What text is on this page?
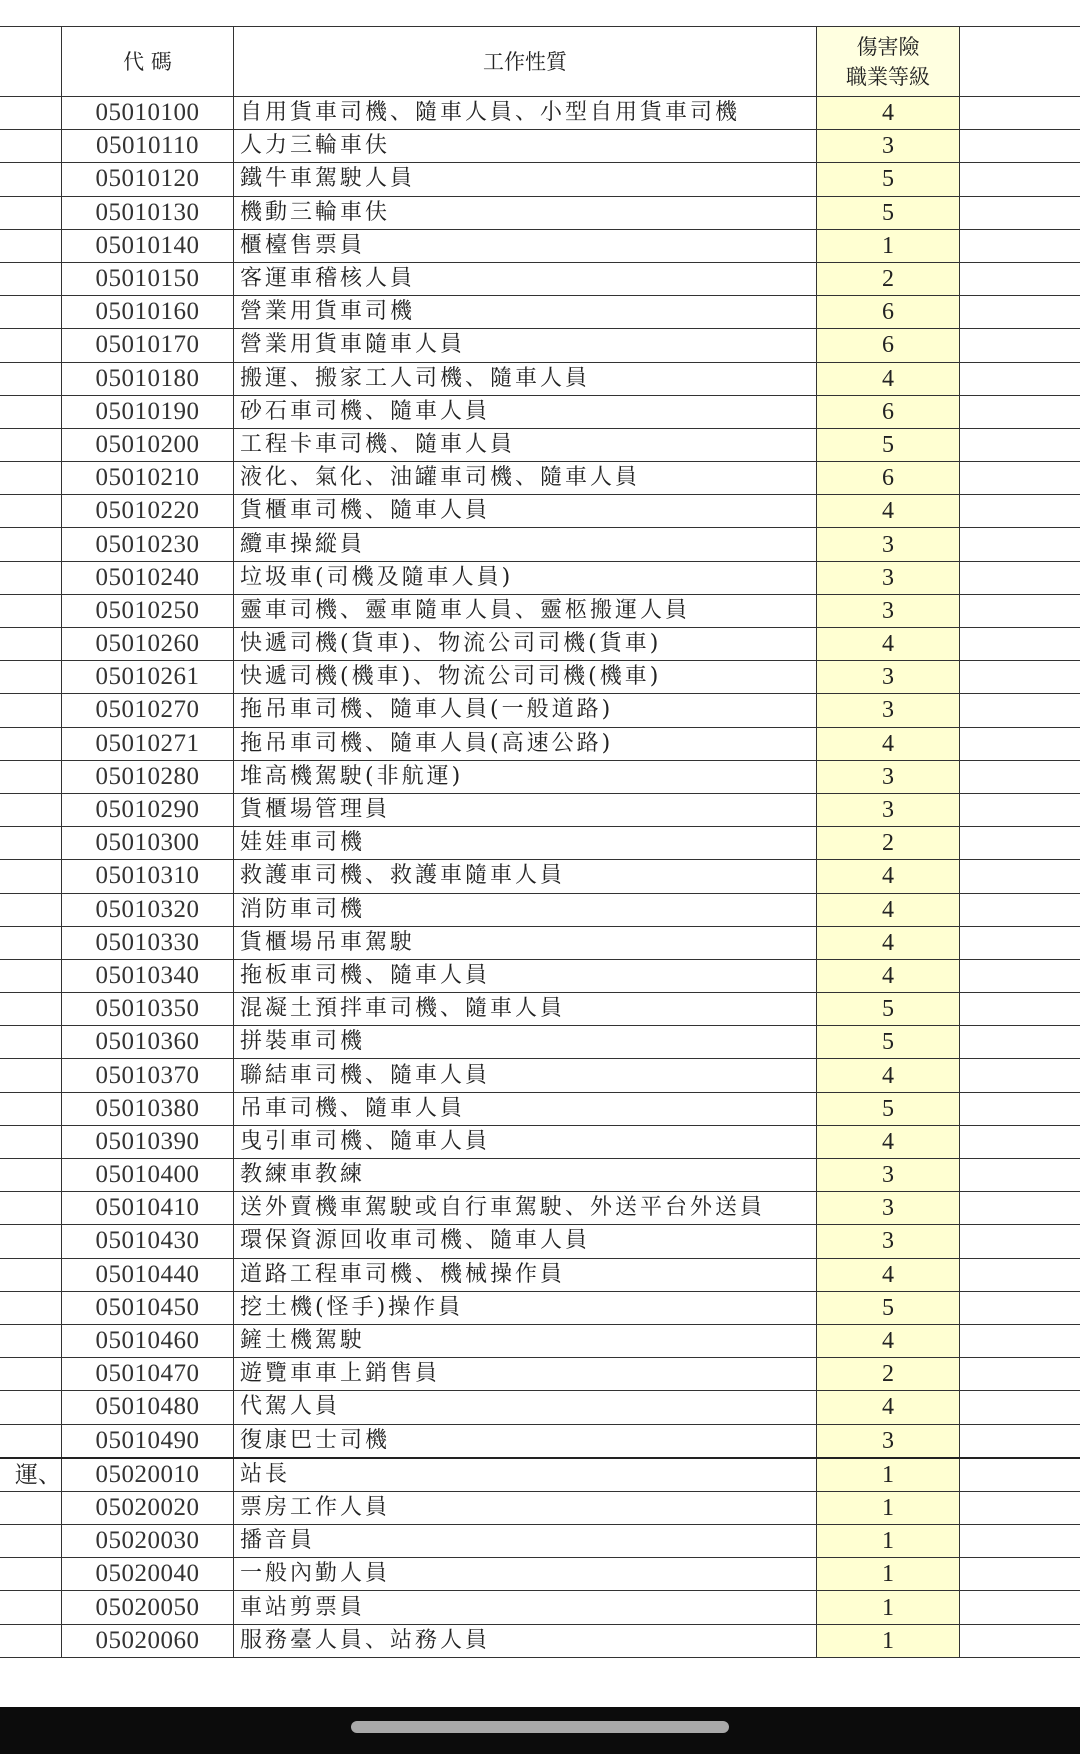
	代 碼	工作性質	傷害險
職業等級	
	05010100	自用貨車司機、隨車人員、小型自用貨車司機	4	
	05010110	人力三輪車伕	3	
	05010120	鐵牛車駕駛人員	5	
	05010130	機動三輪車伕	5	
	05010140	櫃檯售票員	1	
	05010150	客運車稽核人員	2	
	05010160	營業用貨車司機	6	
	05010170	營業用貨車隨車人員	6	
	05010180	搬運、搬家工人司機、隨車人員	4	
	05010190	砂石車司機、隨車人員	6	
	05010200	工程卡車司機、隨車人員	5	
	05010210	液化、氣化、油罐車司機、隨車人員	6	
	05010220	貨櫃車司機、隨車人員	4	
	05010230	纜車操縱員	3	
	05010240	垃圾車(司機及隨車人員)	3	
	05010250	靈車司機、靈車隨車人員、靈柩搬運人員	3	
	05010260	快遞司機(貨車)、物流公司司機(貨車)	4	
	05010261	快遞司機(機車)、物流公司司機(機車)	3	
	05010270	拖吊車司機、隨車人員(一般道路)	3	
	05010271	拖吊車司機、隨車人員(高速公路)	4	
	05010280	堆高機駕駛(非航運)	3	
	05010290	貨櫃場管理員	3	
	05010300	娃娃車司機	2	
	05010310	救護車司機、救護車隨車人員	4	
	05010320	消防車司機	4	
	05010330	貨櫃場吊車駕駛	4	
	05010340	拖板車司機、隨車人員	4	
	05010350	混凝土預拌車司機、隨車人員	5	
	05010360	拼裝車司機	5	
	05010370	聯結車司機、隨車人員	4	
	05010380	吊車司機、隨車人員	5	
	05010390	曳引車司機、隨車人員	4	
	05010400	教練車教練	3	
	05010410	送外賣機車駕駛或自行車駕駛、外送平台外送員	3	
	05010430	環保資源回收車司機、隨車人員	3	
	05010440	道路工程車司機、機械操作員	4	
	05010450	挖土機(怪手)操作員	5	
	05010460	鏟土機駕駛	4	
	05010470	遊覽車車上銷售員	2	
	05010480	代駕人員	4	
	05010490	復康巴士司機	3	
運、	05020010	站長	1	
	05020020	票房工作人員	1	
	05020030	播音員	1	
	05020040	一般內勤人員	1	
	05020050	車站剪票員	1	
	05020060	服務臺人員、站務人員	1	
